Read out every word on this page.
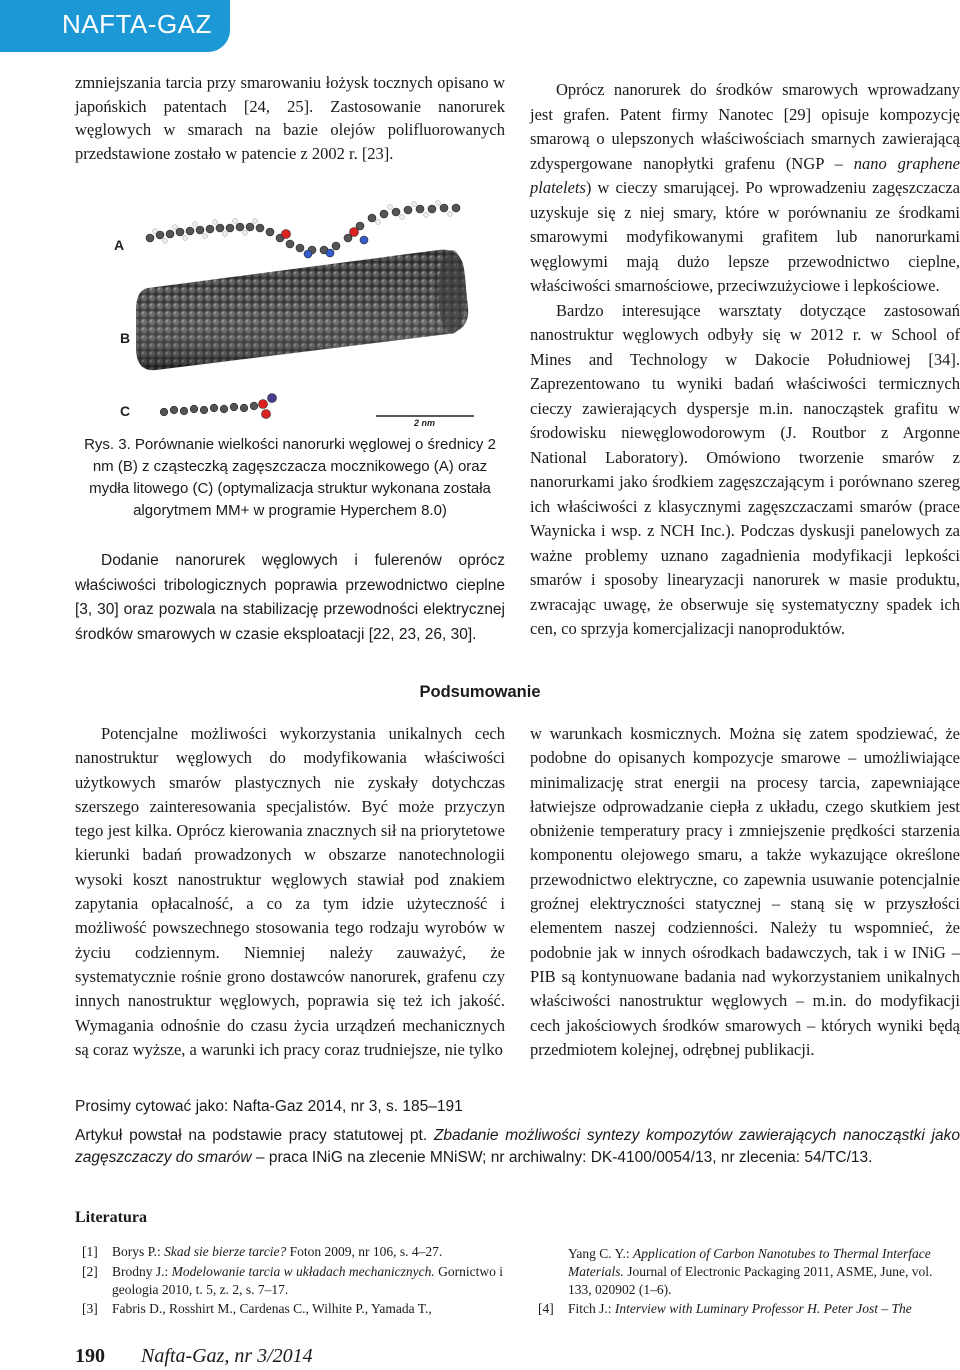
NAFTA-GAZ

zmniejszania tarcia przy smarowaniu łożysk tocznych opisano w japońskich patentach [24, 25]. Zastosowanie nanorurek węglowych w smarach na bazie olejów polifluorowanych przedstawione zostało w patencie z 2002 r. [23].

A
B
C
2 nm
Rys. 3. Porównanie wielkości nanorurki węglowej o średnicy 2 nm (B) z cząsteczką zagęszczacza mocznikowego (A) oraz mydła litowego (C) (optymalizacja struktur wykonana została algorytmem MM+ w programie Hyperchem 8.0)

Dodanie nanorurek węglowych i fulerenów oprócz właściwości tribologicznych poprawia przewodnictwo cieplne [3, 30] oraz pozwala na stabilizację przewodności elektrycznej środków smarowych w czasie eksploatacji [22, 23, 26, 30].

Oprócz nanorurek do środków smarowych wprowadzany jest grafen. Patent firmy Nanotec [29] opisuje kompozycję smarową o ulepszonych właściwościach smarnych zawierającą zdyspergowane nanopłytki grafenu (NGP – nano graphene platelets) w cieczy smarującej. Po wprowadzeniu zagęszczacza uzyskuje się z niej smary, które w porównaniu ze środkami smarowymi modyfikowanymi grafitem lub nanorurkami węglowymi mają dużo lepsze przewodnictwo cieplne, właściwości smarnościowe, przeciwzużyciowe i lepkościowe.

Bardzo interesujące warsztaty dotyczące zastosowań nanostruktur węglowych odbyły się w 2012 r. w School of Mines and Technology w Dakocie Południowej [34]. Zaprezentowano tu wyniki badań właściwości termicznych cieczy zawierających dyspersje m.in. nanocząstek grafitu w środowisku niewęglowodorowym (J. Routbor z Argonne National Laboratory). Omówiono tworzenie smarów z nanorurkami jako środkiem zagęszczającym i porównano szereg ich właściwości z klasycznymi zagęszczaczami smarów (prace Waynicka i wsp. z NCH Inc.). Podczas dyskusji panelowych za ważne problemy uznano zagadnienia modyfikacji lepkości smarów i sposoby linearyzacji nanorurek w masie produktu, zwracając uwagę, że obserwuje się systematyczny spadek ich cen, co sprzyja komercjalizacji nanoproduktów.

Podsumowanie

Potencjalne możliwości wykorzystania unikalnych cech nanostruktur węglowych do modyfikowania właściwości użytkowych smarów plastycznych nie zyskały dotychczas szerszego zainteresowania specjalistów. Być może przyczyn tego jest kilka. Oprócz kierowania znacznych sił na priorytetowe kierunki badań prowadzonych w obszarze nanotechnologii wysoki koszt nanostruktur węglowych stawiał pod znakiem zapytania opłacalność, a co za tym idzie użyteczność i możliwość powszechnego stosowania tego rodzaju wyrobów w życiu codziennym. Niemniej należy zauważyć, że systematycznie rośnie grono dostawców nanorurek, grafenu czy innych nanostruktur węglowych, poprawia się też ich jakość. Wymagania odnośnie do czasu życia urządzeń mechanicznych są coraz wyższe, a warunki ich pracy coraz trudniejsze, nie tylko

w warunkach kosmicznych. Można się zatem spodziewać, że podobne do opisanych kompozycje smarowe – umożliwiające minimalizację strat energii na procesy tarcia, zapewniające łatwiejsze odprowadzanie ciepła z układu, czego skutkiem jest obniżenie temperatury pracy i zmniejszenie prędkości starzenia komponentu olejowego smaru, a także wykazujące określone przewodnictwo elektryczne, co zapewnia usuwanie potencjalnie groźnej elektryczności statycznej – staną się w przyszłości elementem naszej codzienności. Należy tu wspomnieć, że podobnie jak w innych ośrodkach badawczych, tak i w INiG – PIB są kontynuowane badania nad wykorzystaniem unikalnych właściwości nanostruktur węglowych – m.in. do modyfikacji cech jakościowych środków smarowych – których wyniki będą przedmiotem kolejnej, odrębnej publikacji.

Prosimy cytować jako: Nafta-Gaz 2014, nr 3, s. 185–191
Artykuł powstał na podstawie pracy statutowej pt. Zbadanie możliwości syntezy kompozytów zawierających nanocząstki jako zagęszczaczy do smarów – praca INiG na zlecenie MNiSW; nr archiwalny: DK-4100/0054/13, nr zlecenia: 54/TC/13.
Literatura
[1] Borys P.: Skad sie bierze tarcie? Foton 2009, nr 106, s. 4–27.
[2] Brodny J.: Modelowanie tarcia w układach mechanicznych. Gornictwo i geologia 2010, t. 5, z. 2, s. 7–17.
[3] Fabris D., Rosshirt M., Cardenas C., Wilhite P., Yamada T.,
Yang C. Y.: Application of Carbon Nanotubes to Thermal Interface Materials. Journal of Electronic Packaging 2011, ASME, June, vol. 133, 020902 (1–6).
[4] Fitch J.: Interview with Luminary Professor H. Peter Jost – The
190 Nafta-Gaz, nr 3/2014
